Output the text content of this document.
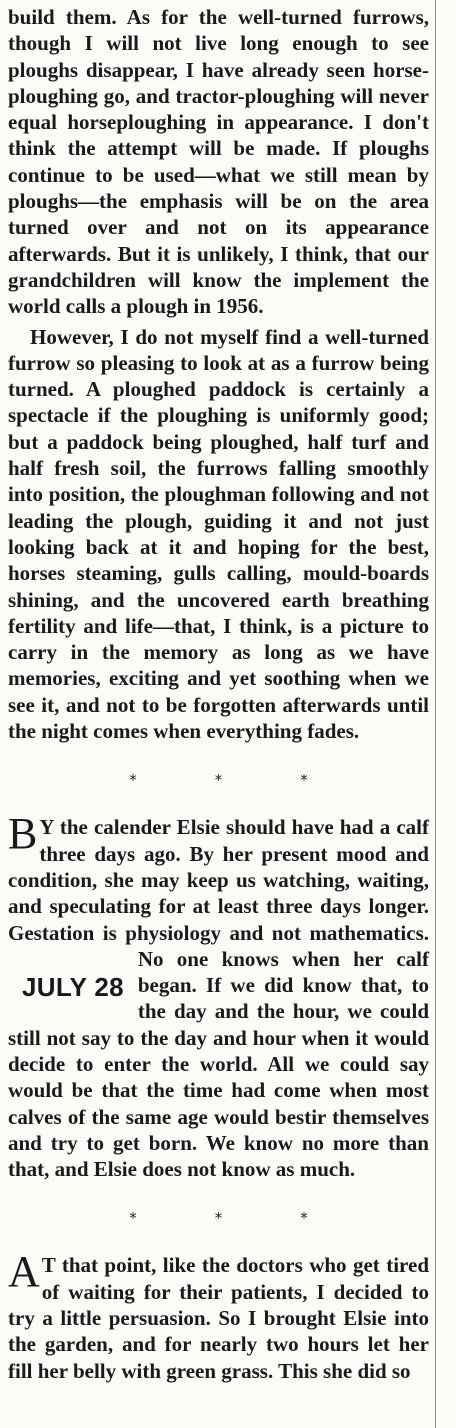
build them. As for the well-turned furrows, though I will not live long enough to see ploughs disappear, I have already seen horse-ploughing go, and tractor-ploughing will never equal horseploughing in appearance. I don't think the attempt will be made. If ploughs continue to be used—what we still mean by ploughs—the emphasis will be on the area turned over and not on its appearance afterwards. But it is unlikely, I think, that our grandchildren will know the implement the world calls a plough in 1956.

However, I do not myself find a well-turned furrow so pleasing to look at as a furrow being turned. A ploughed paddock is certainly a spectacle if the ploughing is uniformly good; but a paddock being ploughed, half turf and half fresh soil, the furrows falling smoothly into position, the ploughman following and not leading the plough, guiding it and not just looking back at it and hoping for the best, horses steaming, gulls calling, mould-boards shining, and the uncovered earth breathing fertility and life—that, I think, is a picture to carry in the memory as long as we have memories, exciting and yet soothing when we see it, and not to be forgotten afterwards until the night comes when everything fades.

*	*	*

B Y the calender Elsie should have had a calf three days ago. By her present mood and condition, she may keep us watching, waiting, and speculating for at least three days longer. Gestation is physiology and not mathematics. No
JULY 28
one knows when her calf began. If we did know that, to the day and the hour, we could still not say to the day and hour when it would decide to enter the world. All we could say would be that the time had come when most calves of the same age would bestir themselves and try to get born. We know no more than that, and Elsie does not know as much.

*	*	*

A T that point, like the doctors who get tired of waiting for their patients, I decided to try a little persuasion. So I brought Elsie into the garden, and for nearly two hours let her fill her belly with green grass. This she did so
